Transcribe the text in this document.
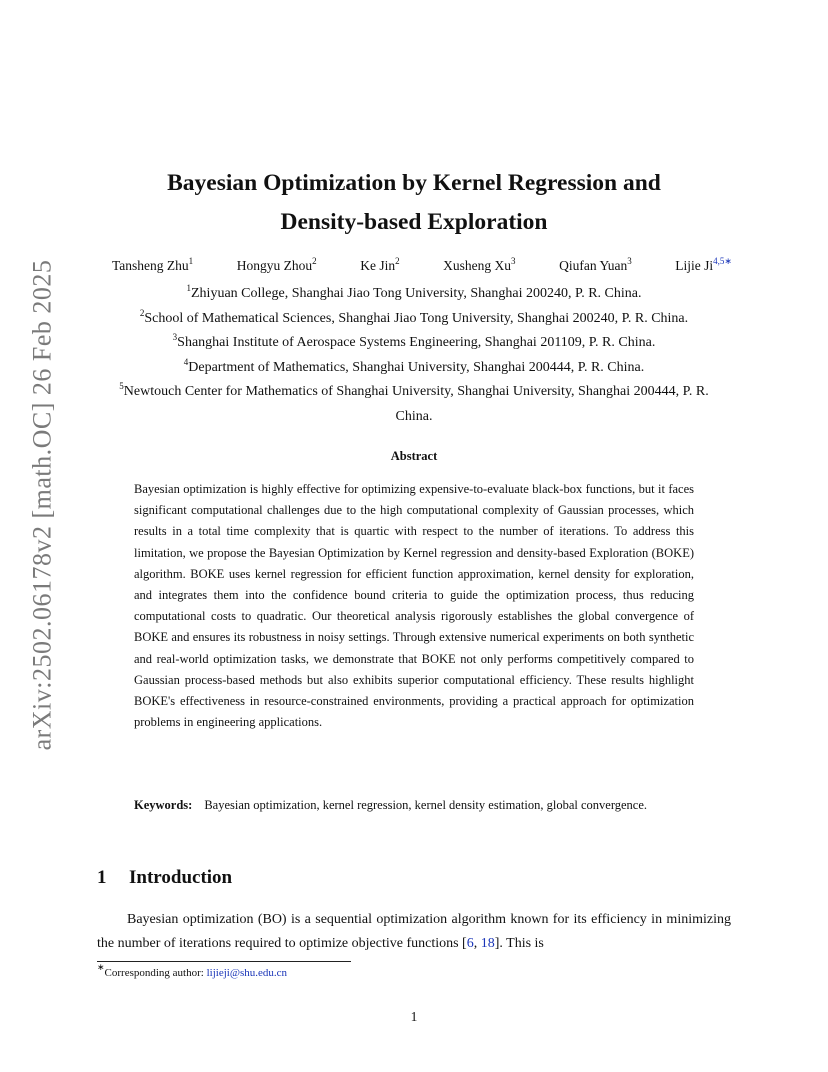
arXiv:2502.06178v2 [math.OC] 26 Feb 2025
Bayesian Optimization by Kernel Regression and
Density-based Exploration
Tansheng Zhu$^1$	Hongyu Zhou$^2$	Ke Jin$^2$	Xusheng Xu$^3$	Qiufan Yuan$^3$	Lijie $Ji^{4,5∗}$
$^1$Zhiyuan College, Shanghai Jiao Tong University, Shanghai 200240, P. R. China.
$^2$School of Mathematical Sciences, Shanghai Jiao Tong University, Shanghai 200240, P. R. China.
$^3$Shanghai Institute of Aerospace Systems Engineering, Shanghai 201109, P. R. China.
$^4$Department of Mathematics, Shanghai University, Shanghai 200444, P. R. China.
$^5$Newtouch Center for Mathematics of Shanghai University, Shanghai University, Shanghai 200444, P. R. China.
Abstract
Bayesian optimization is highly effective for optimizing expensive-to-evaluate black-box functions, but it faces significant computational challenges due to the high computational complexity of Gaussian processes, which results in a total time complexity that is quartic with respect to the number of iterations. To address this limitation, we propose the Bayesian Optimization by Kernel regression and density-based Exploration (BOKE) algorithm. BOKE uses kernel regression for efficient function approximation, kernel density for exploration, and integrates them into the confidence bound criteria to guide the optimization process, thus reducing computational costs to quadratic. Our theoretical analysis rigorously establishes the global convergence of BOKE and ensures its robustness in noisy settings. Through extensive numerical experiments on both synthetic and real-world optimization tasks, we demonstrate that BOKE not only performs competitively compared to Gaussian process-based methods but also exhibits superior computational efficiency. These results highlight BOKE's effectiveness in resource-constrained environments, providing a practical approach for optimization problems in engineering applications.
Keywords: Bayesian optimization, kernel regression, kernel density estimation, global convergence.
1 Introduction

Bayesian optimization (BO) is a sequential optimization algorithm known for its efficiency in minimizing the number of iterations required to optimize objective functions [6, 18]. This is

∗Corresponding author: lijieji@shu.edu.cn
1
